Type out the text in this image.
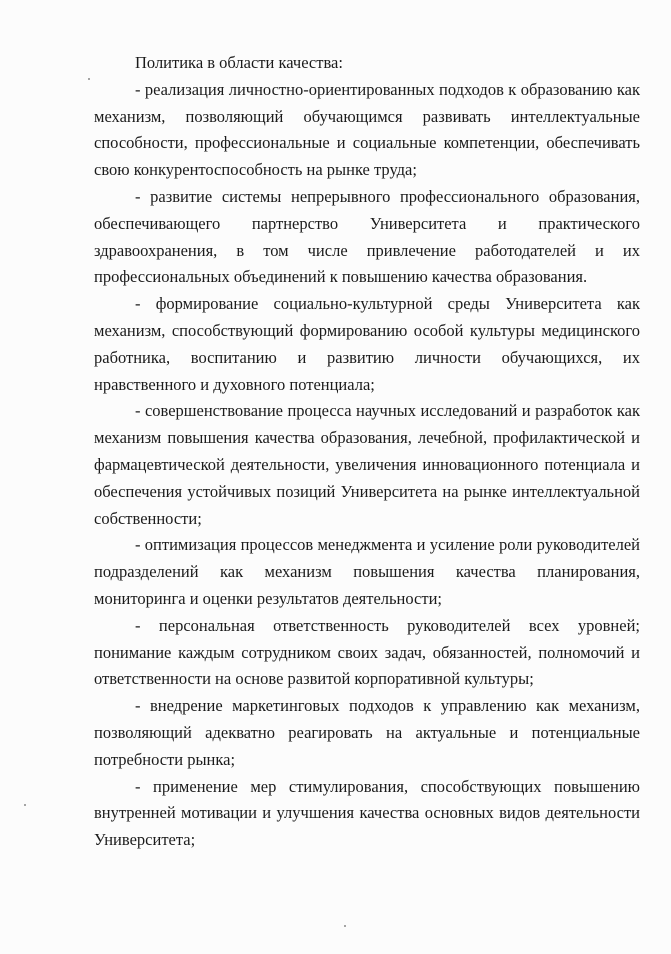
Политика в области качества:

- реализация личностно-ориентированных подходов к образованию как механизм, позволяющий обучающимся развивать интеллектуальные способности, профессиональные и социальные компетенции, обеспечивать свою конкурентоспособность на рынке труда;

- развитие системы непрерывного профессионального образования, обеспечивающего партнерство Университета и практического здравоохранения, в том числе привлечение работодателей и их профессиональных объединений к повышению качества образования.

- формирование социально-культурной среды Университета как механизм, способствующий формированию особой культуры медицинского работника, воспитанию и развитию личности обучающихся, их нравственного и духовного потенциала;

- совершенствование процесса научных исследований и разработок как механизм повышения качества образования, лечебной, профилактической и фармацевтической деятельности, увеличения инновационного потенциала и обеспечения устойчивых позиций Университета на рынке интеллектуальной собственности;

- оптимизация процессов менеджмента и усиление роли руководителей подразделений как механизм повышения качества планирования, мониторинга и оценки результатов деятельности;

- персональная ответственность руководителей всех уровней; понимание каждым сотрудником своих задач, обязанностей, полномочий и ответственности на основе развитой корпоративной культуры;

- внедрение маркетинговых подходов к управлению как механизм, позволяющий адекватно реагировать на актуальные и потенциальные потребности рынка;

- применение мер стимулирования, способствующих повышению внутренней мотивации и улучшения качества основных видов деятельности Университета;
